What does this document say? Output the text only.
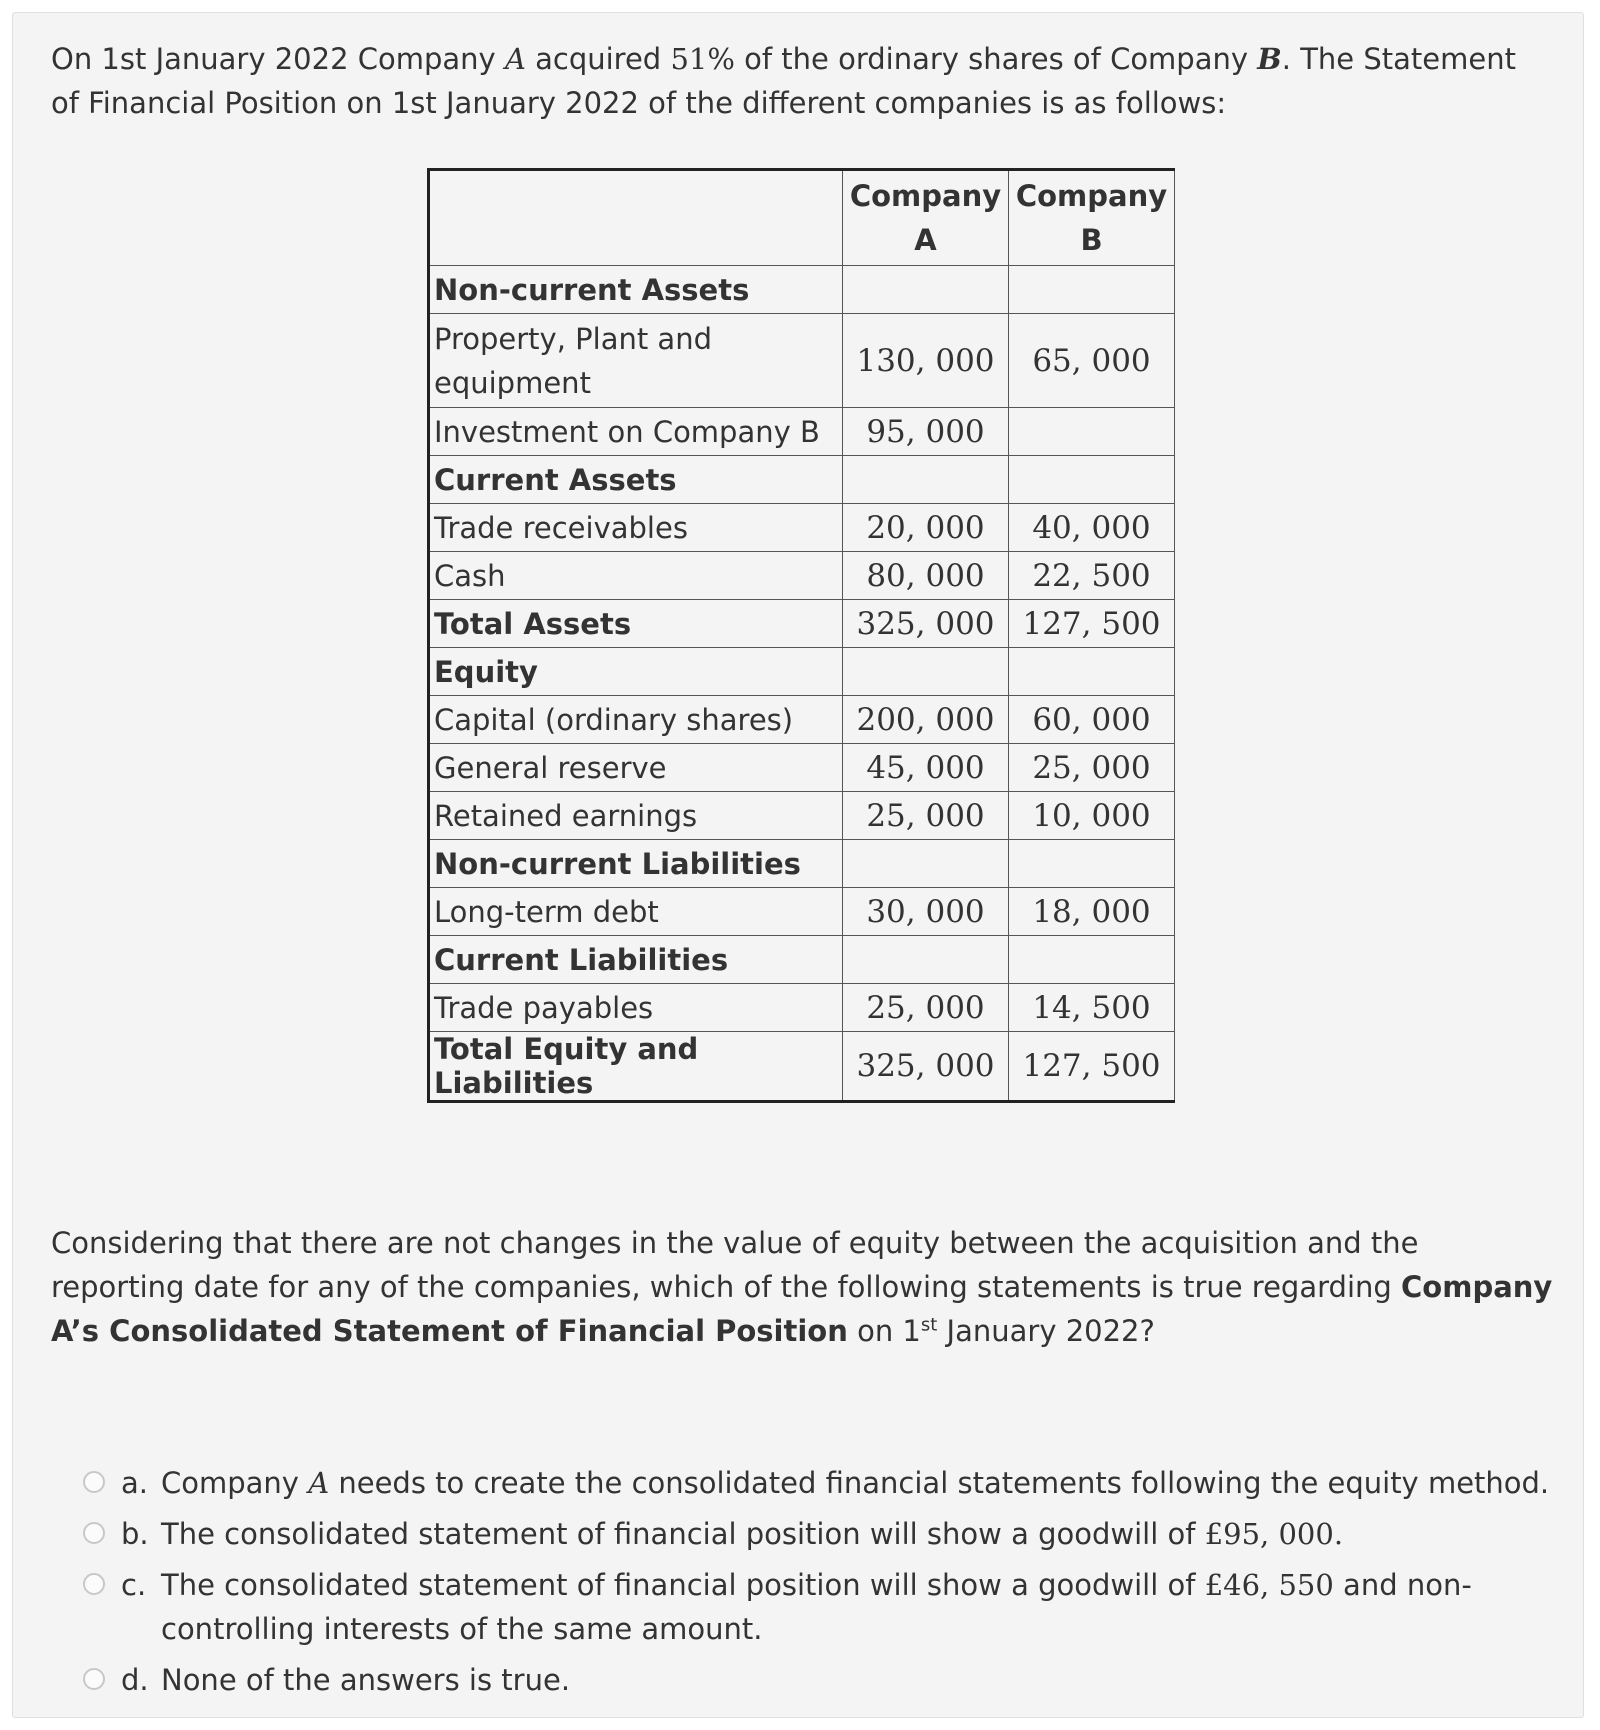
On 1st January 2022 Company A acquired 51% of the ordinary shares of Company B. The Statement of Financial Position on 1st January 2022 of the different companies is as follows:

	Company A	Company B
Non-current Assets		
Property, Plant and equipment	130, 000	65, 000
Investment on Company B	95, 000	
Current Assets		
Trade receivables	20, 000	40, 000
Cash	80, 000	22, 500
Total Assets	325, 000	127, 500
Equity		
Capital (ordinary shares)	200, 000	60, 000
General reserve	45, 000	25, 000
Retained earnings	25, 000	10, 000
Non-current Liabilities		
Long-term debt	30, 000	18, 000
Current Liabilities		
Trade payables	25, 000	14, 500
Total Equity and Liabilities	325, 000	127, 500

Considering that there are not changes in the value of equity between the acquisition and the reporting date for any of the companies, which of the following statements is true regarding Company A’s Consolidated Statement of Financial Position on 1st January 2022?

a. Company A needs to create the consolidated financial statements following the equity method.
b. The consolidated statement of financial position will show a goodwill of £95, 000.
c. The consolidated statement of financial position will show a goodwill of £46, 550 and non-controlling interests of the same amount.
d. None of the answers is true.
